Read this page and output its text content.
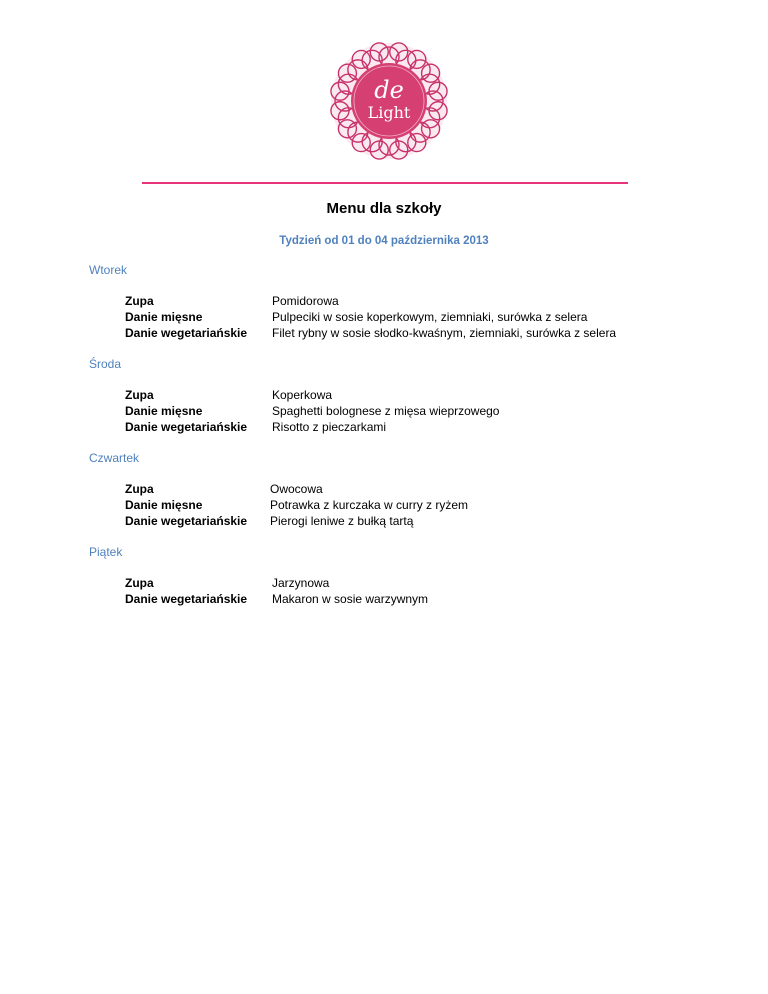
de
Light
Menu dla szkoły
Tydzień od 01 do 04 października 2013
Wtorek
Zupa	Pomidorowa
Danie mięsne	Pulpeciki w sosie koperkowym, ziemniaki, surówka z selera
Danie wegetariańskie Filet rybny w sosie słodko-kwaśnym, ziemniaki, surówka z selera
Środa
Zupa	Koperkowa
Danie mięsne	Spaghetti bolognese z mięsa wieprzowego
Danie wegetariańskie Risotto z pieczarkami
Czwartek
Zupa	Owocowa
Danie mięsne	Potrawka z kurczaka w curry z ryżem
Danie wegetariańskie Pierogi leniwe z bułką tartą
Piątek
Zupa	Jarzynowa
Danie wegetariańskie Makaron w sosie warzywnym
